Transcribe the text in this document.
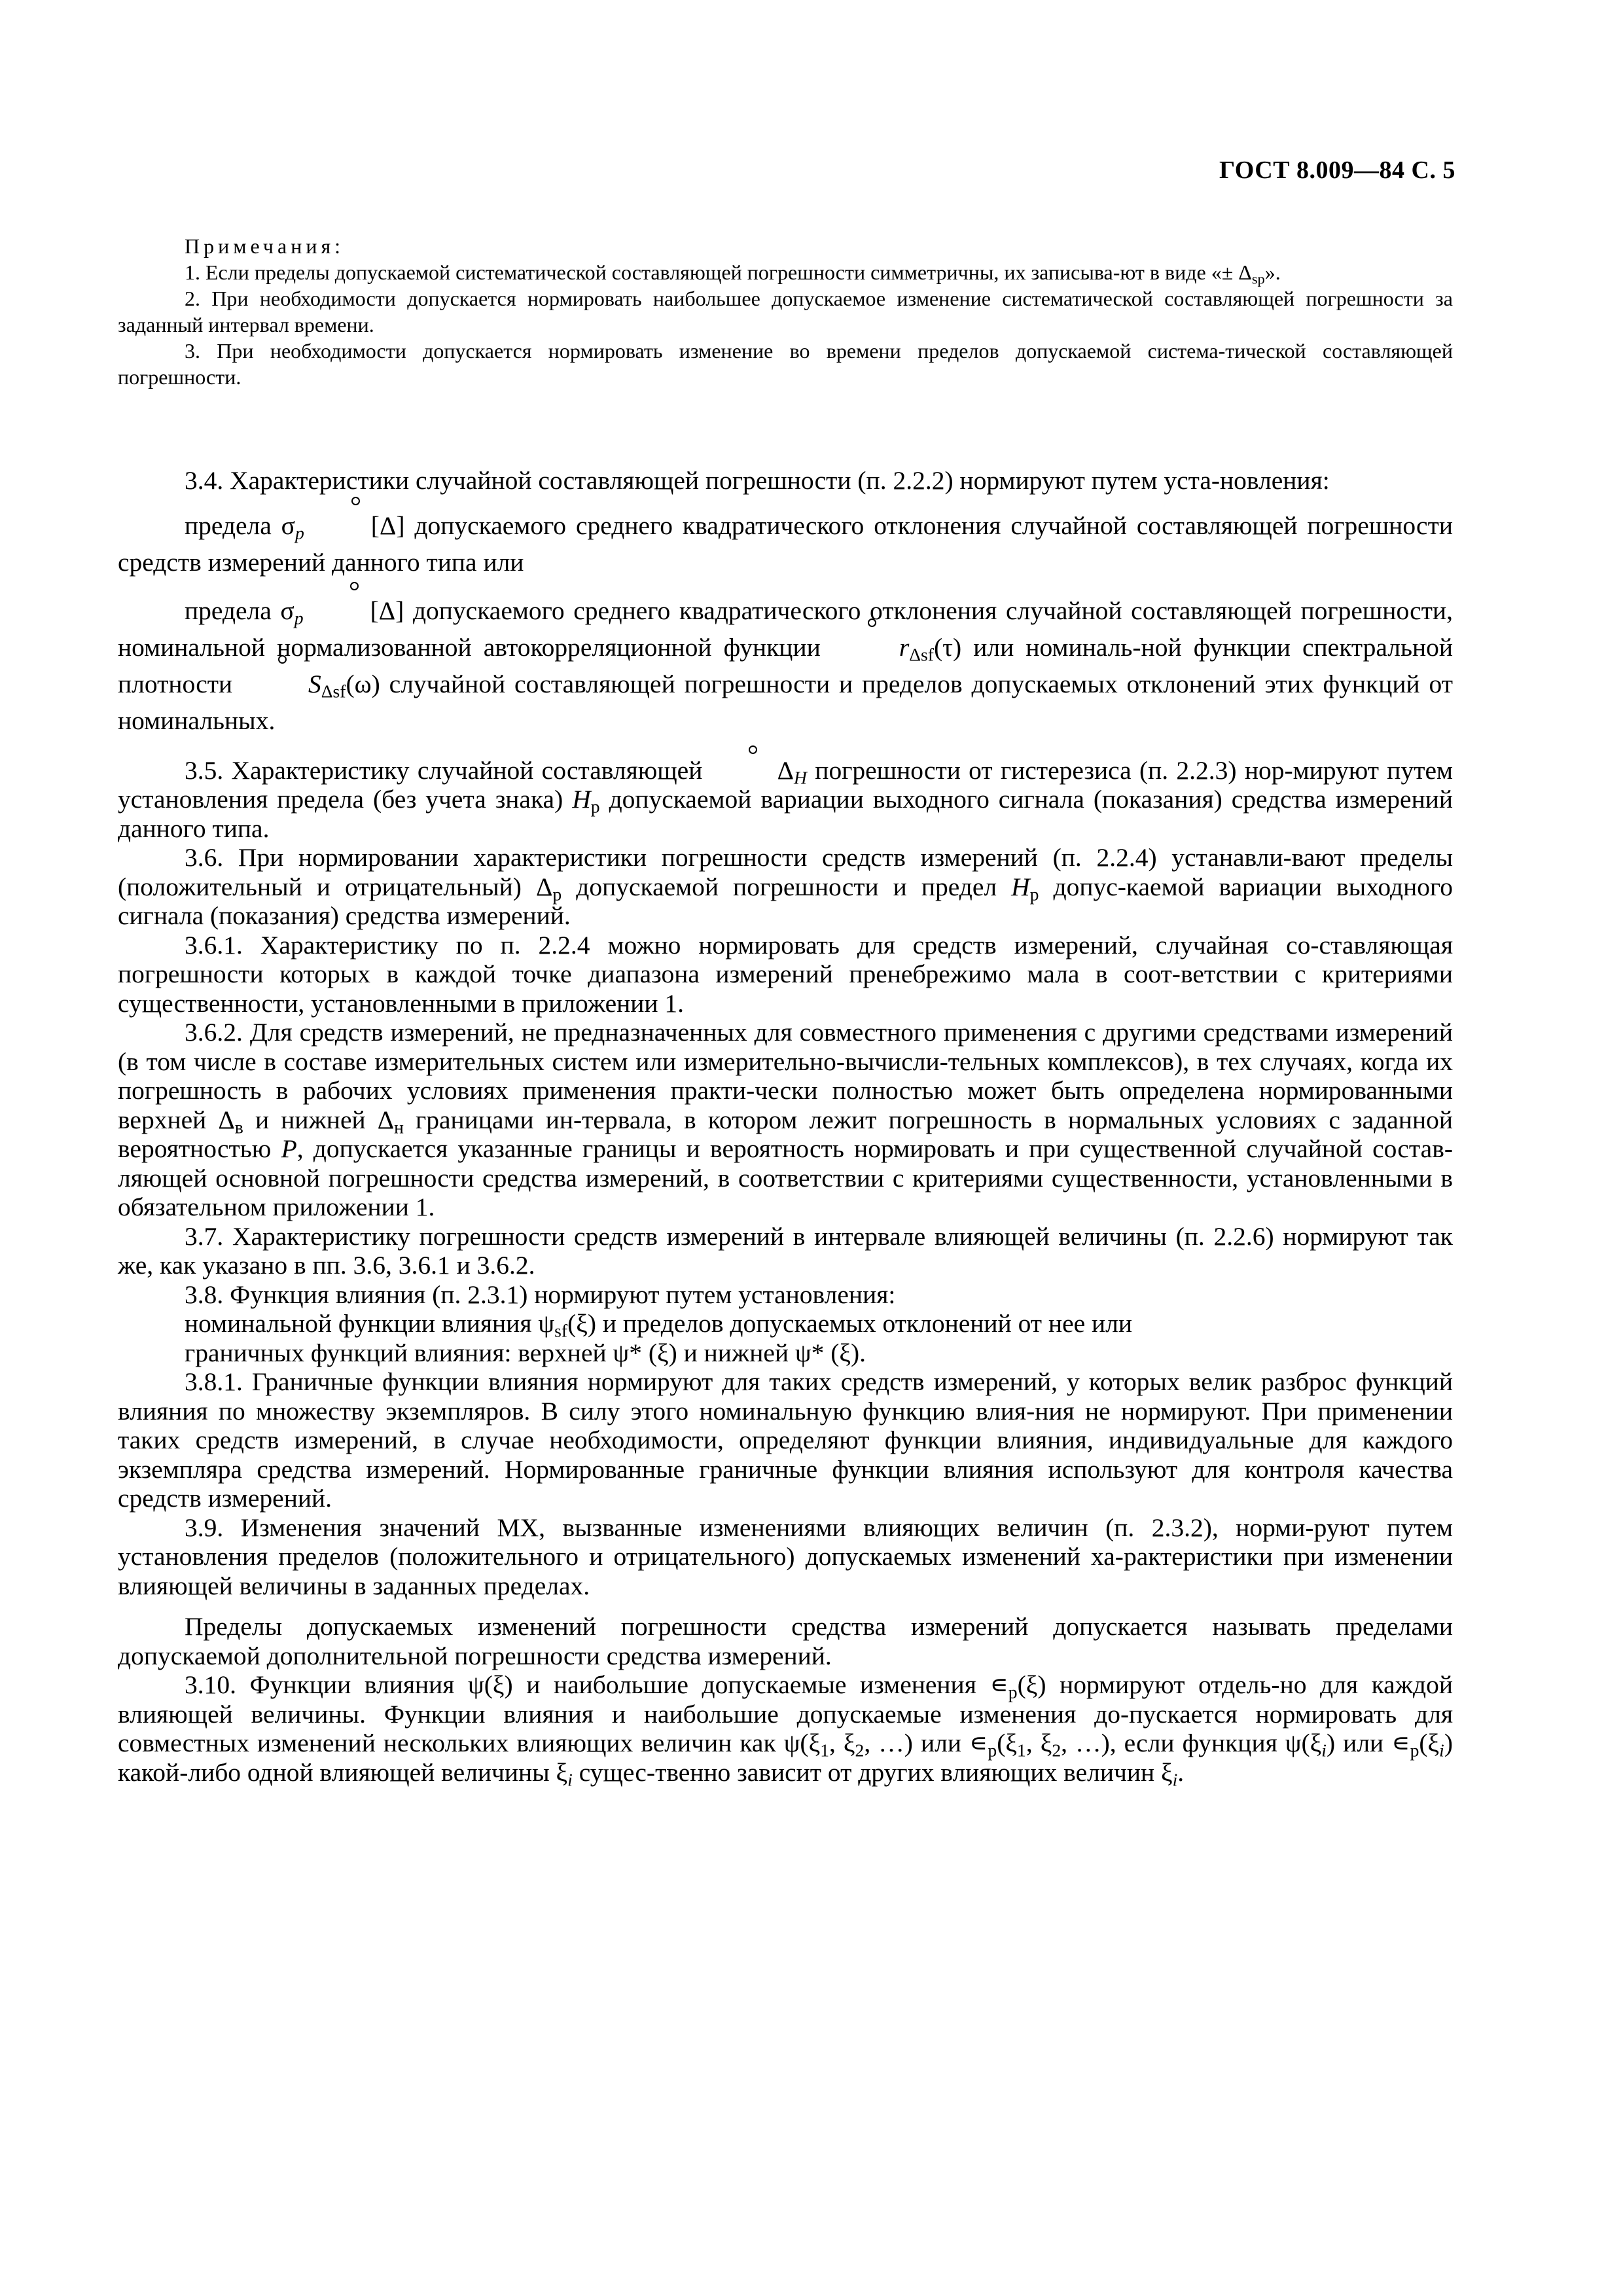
ГОСТ 8.009—84 С. 5
Примечания:

1. Если пределы допускаемой систематической составляющей погрешности симметричны, их записыва-ют в виде «± $\Delta_{sp}$».

2. При необходимости допускается нормировать наибольшее допускаемое изменение систематической составляющей погрешности за заданный интервал времени.

3. При необходимости допускается нормировать изменение во времени пределов допускаемой система-тической составляющей погрешности.

3.4. Характеристики случайной составляющей погрешности (п. 2.2.2) нормируют путем уста-новления:

предела $\sigma_p$	[Δ] допускаемого среднего квадратического отклонения случайной составляющей погрешности средств измерений данного типа или

предела $\sigma_p$	[Δ] допускаемого среднего квадратического отклонения случайной составляющей погрешности, номинальной нормализованной автокорреляционной функции	$r_{\Delta sf}(\tau)$ или номиналь-ной функции спектральной плотности	$S_{\Delta sf}(\omega)$ случайной составляющей погрешности и пределов допускаемых отклонений этих функций от номинальных.

3.5. Характеристику случайной составляющей	$\Delta_H$ погрешности от гистерезиса (п. 2.2.3) нор-мируют путем установления предела (без учета знака) $H_р$ допускаемой вариации выходного сигнала (показания) средства измерений данного типа.

3.6. При нормировании характеристики погрешности средств измерений (п. 2.2.4) устанавли-вают пределы (положительный и отрицательный) $\Delta_р$ допускаемой погрешности и предел $H_р$ допус-каемой вариации выходного сигнала (показания) средства измерений.

3.6.1. Характеристику по п. 2.2.4 можно нормировать для средств измерений, случайная со-ставляющая погрешности которых в каждой точке диапазона измерений пренебрежимо мала в соот-ветствии с критериями существенности, установленными в приложении 1.

3.6.2. Для средств измерений, не предназначенных для совместного применения с другими средствами измерений (в том числе в составе измерительных систем или измерительно-вычисли-тельных комплексов), в тех случаях, когда их погрешность в рабочих условиях применения практи-чески полностью может быть определена нормированными верхней $\Delta_в$ и нижней $\Delta_н$ границами ин-тервала, в котором лежит погрешность в нормальных условиях с заданной вероятностью P, допускается указанные границы и вероятность нормировать и при существенной случайной состав-ляющей основной погрешности средства измерений, в соответствии с критериями существенности, установленными в обязательном приложении 1.

3.7. Характеристику погрешности средств измерений в интервале влияющей величины (п. 2.2.6) нормируют так же, как указано в пп. 3.6, 3.6.1 и 3.6.2.

3.8. Функция влияния (п. 2.3.1) нормируют путем установления:

номинальной функции влияния $\psi_{sf}(\xi)$ и пределов допускаемых отклонений от нее или

граничных функций влияния: верхней ψ* (ξ) и нижней ψ* (ξ).

3.8.1. Граничные функции влияния нормируют для таких средств измерений, у которых велик разброс функций влияния по множеству экземпляров. В силу этого номинальную функцию влия-ния не нормируют. При применении таких средств измерений, в случае необходимости, определяют функции влияния, индивидуальные для каждого экземпляра средства измерений. Нормированные граничные функции влияния используют для контроля качества средств измерений.

3.9. Изменения значений МХ, вызванные изменениями влияющих величин (п. 2.3.2), норми-руют путем установления пределов (положительного и отрицательного) допускаемых изменений ха-рактеристики при изменении влияющей величины в заданных пределах.

Пределы допускаемых изменений погрешности средства измерений допускается называть пределами допускаемой дополнительной погрешности средства измерений.

3.10. Функции влияния ψ(ξ) и наибольшие допускаемые изменения $∊_р(\xi)$ нормируют отдель-но для каждой влияющей величины. Функции влияния и наибольшие допускаемые изменения до-пускается нормировать для совместных изменений нескольких влияющих величин как $\psi(\xi_1$, $\xi_2$, …) или $∊_р(\xi_1$, $\xi_2$, …), если функция $\psi(\xi_i)$ или $∊_р(\xi_i)$ какой-либо одной влияющей величины $\xi_i$ сущес-твенно зависит от других влияющих величин $\xi_i$.
